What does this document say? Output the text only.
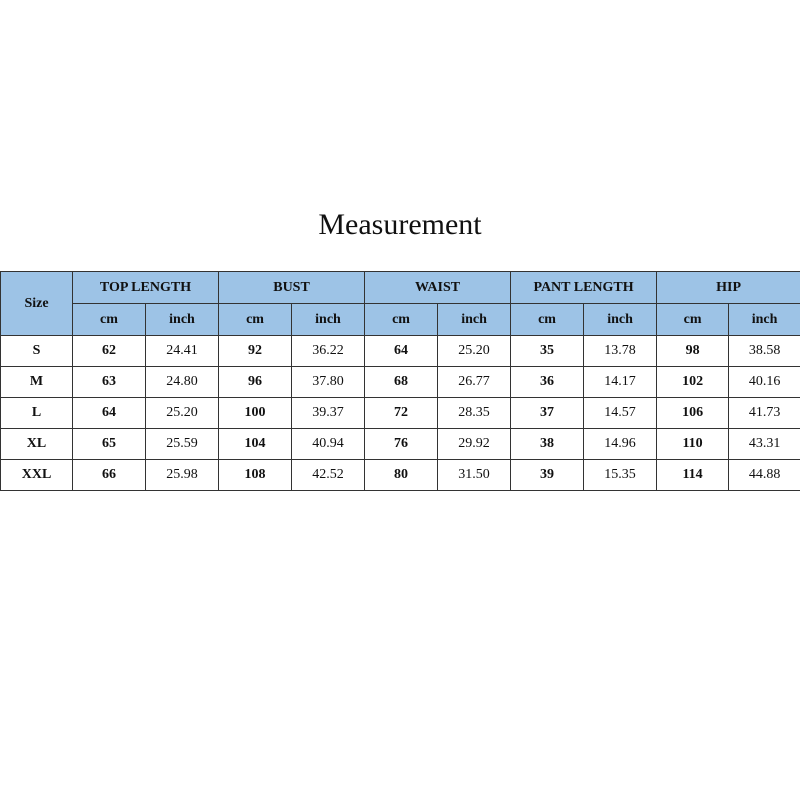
Measurement
Size	TOP LENGTH		BUST		WAIST		PANT LENGTH		HIP	
	cm	inch	cm	inch	cm	inch	cm	inch	cm	inch
S	62	24.41	92	36.22	64	25.20	35	13.78	98	38.58
M	63	24.80	96	37.80	68	26.77	36	14.17	102	40.16
L	64	25.20	100	39.37	72	28.35	37	14.57	106	41.73
XL	65	25.59	104	40.94	76	29.92	38	14.96	110	43.31
XXL	66	25.98	108	42.52	80	31.50	39	15.35	114	44.88
